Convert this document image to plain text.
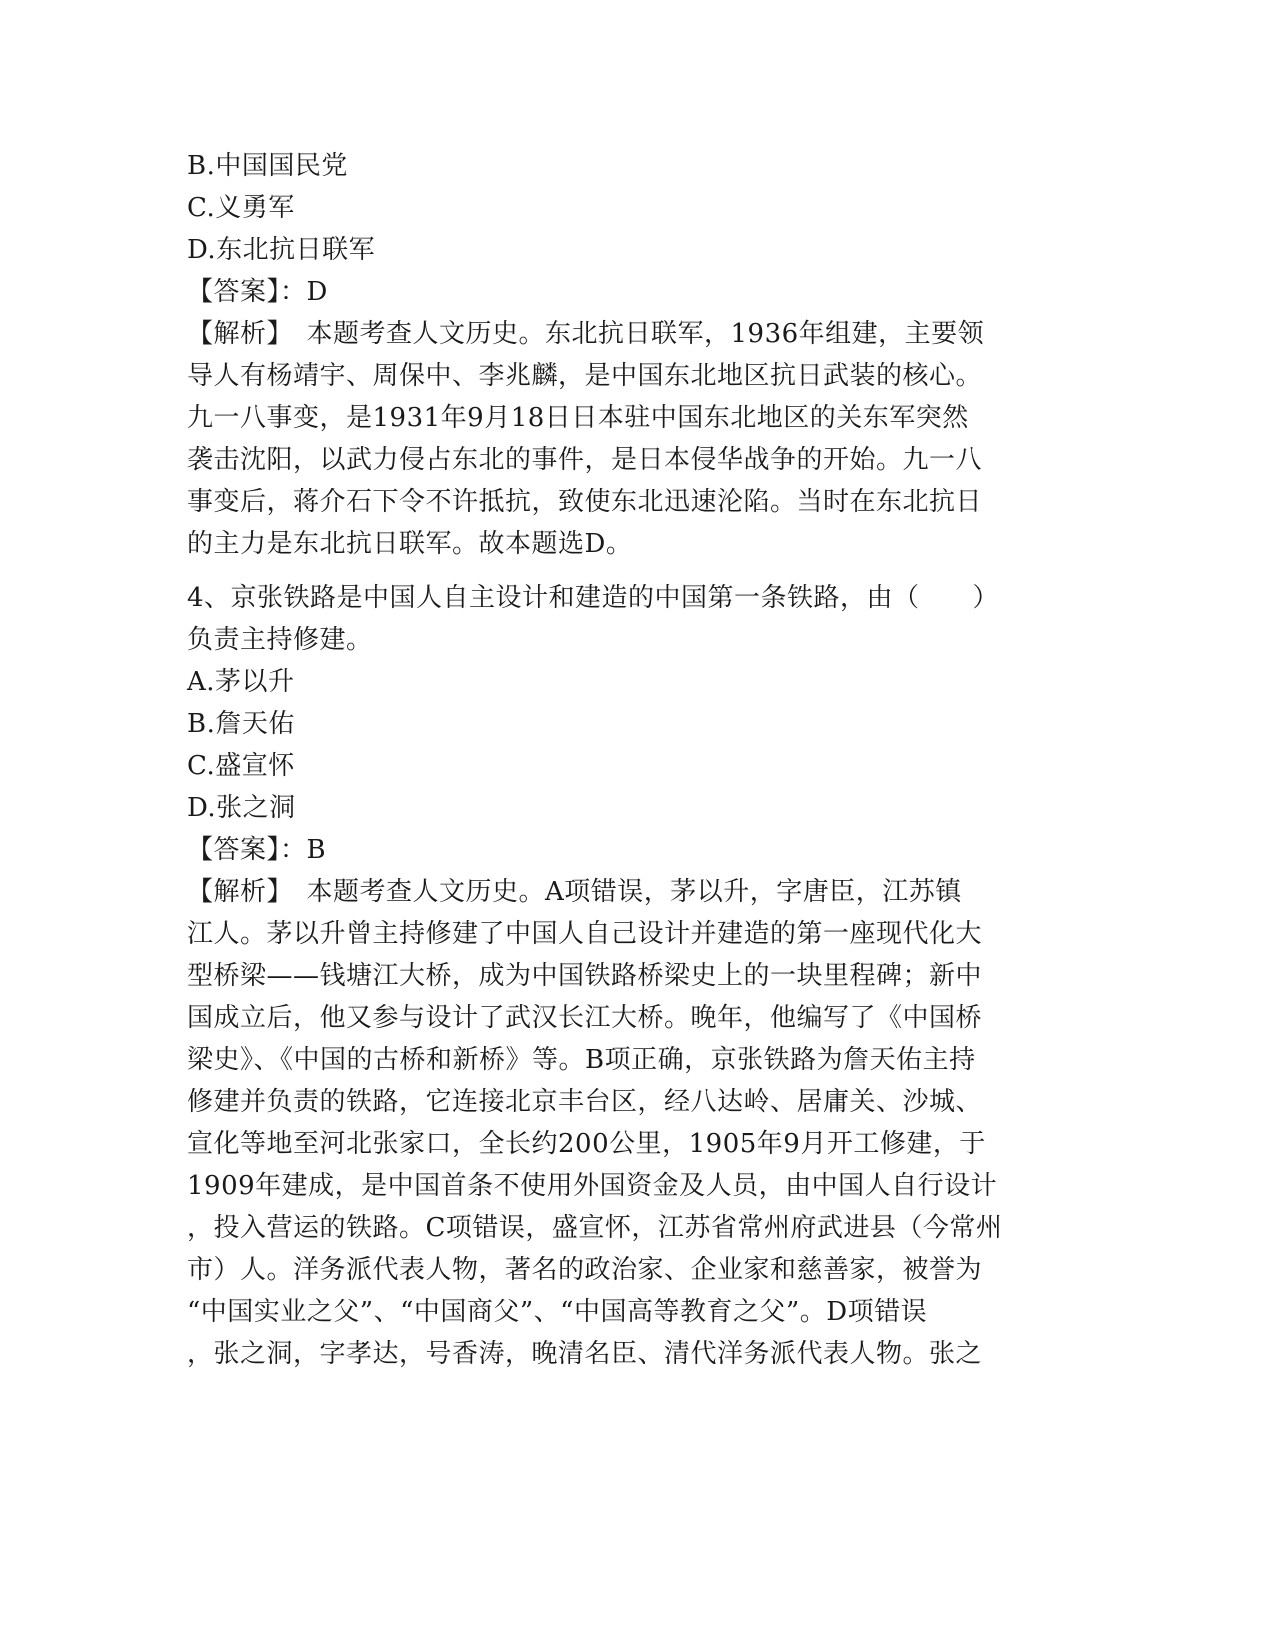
B.中国国民党
C.义勇军
D.东北抗日联军
【答案】：D
【解析】　本题考查人文历史。东北抗日联军，1936年组建，主要领
导人有杨靖宇、周保中、李兆麟，是中国东北地区抗日武装的核心。
九一八事变，是1931年9月18日日本驻中国东北地区的关东军突然
袭击沈阳，以武力侵占东北的事件，是日本侵华战争的开始。九一八
事变后，蒋介石下令不许抵抗，致使东北迅速沦陷。当时在东北抗日
的主力是东北抗日联军。故本题选D。
4、京张铁路是中国人自主设计和建造的中国第一条铁路，由（　　）
负责主持修建。
A.茅以升
B.詹天佑
C.盛宣怀
D.张之洞
【答案】：B
【解析】　本题考查人文历史。A项错误，茅以升，字唐臣，江苏镇
江人。茅以升曾主持修建了中国人自己设计并建造的第一座现代化大
型桥梁——钱塘江大桥，成为中国铁路桥梁史上的一块里程碑；新中
国成立后，他又参与设计了武汉长江大桥。晚年，他编写了《中国桥
梁史》、《中国的古桥和新桥》等。B项正确，京张铁路为詹天佑主持
修建并负责的铁路，它连接北京丰台区，经八达岭、居庸关、沙城、
宣化等地至河北张家口，全长约200公里，1905年9月开工修建，于
1909年建成，是中国首条不使用外国资金及人员，由中国人自行设计
，投入营运的铁路。C项错误，盛宣怀，江苏省常州府武进县（今常州
市）人。洋务派代表人物，著名的政治家、企业家和慈善家，被誉为
“中国实业之父”、“中国商父”、“中国高等教育之父”。D项错误
，张之洞，字孝达，号香涛，晚清名臣、清代洋务派代表人物。张之
